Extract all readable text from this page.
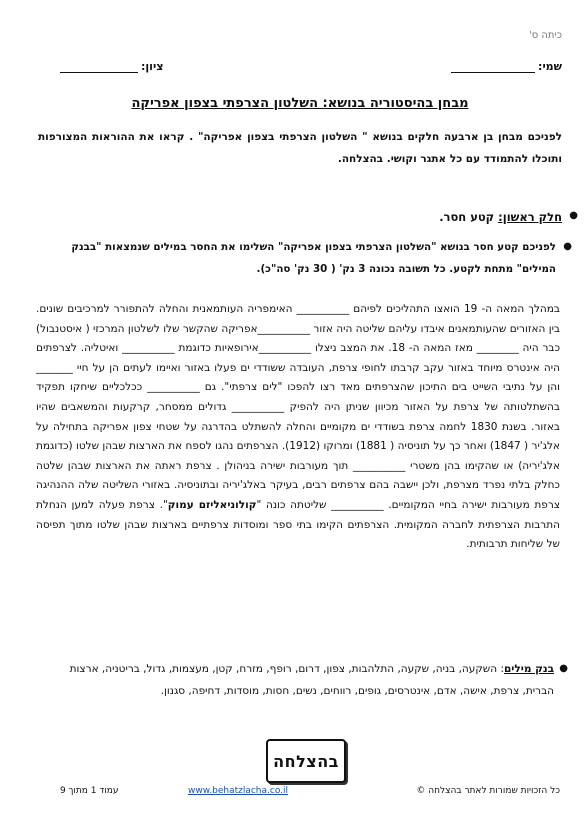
כיתה ס'
שמי:
ציון:
מבחן בהיסטוריה בנושא: השלטון הצרפתי בצפון אפריקה
לפניכם מבחן בן ארבעה חלקים בנושא " השלטון הצרפתי בצפון אפריקה" . קראו את ההוראות המצורפות ותוכלו להתמודד עם כל אתגר וקושי. בהצלחה.
●
חלק ראשון: קטע חסר.
●
לפניכם קטע חסר בנושא "השלטון הצרפתי בצפון אפריקה" השלימו את החסר במילים שנמצאות "בבנק המילים" מתחת לקטע. כל תשובה נכונה 3 נק' ( 30 נק' סה"כ).
במהלך המאה ה- 19 הואצו התהליכים לפיהם __________ האימפריה העותמאנית והחלה להתפורר למרכיבים שונים. בין האזורים שהעותמאנים איבדו עליהם שליטה היה אזור __________אפריקה שהקשר שלו לשלטון המרכזי ( איסטנבול) כבר היה ________ מאז המאה ה- 18. את המצב ניצלו __________אירופאיות כדוגמת __________ ואיטליה. לצרפתים היה אינטרס מיוחד באזור עקב קרבתו לחופי צרפת, העובדה ששודדי ים פעלו באזור ואיימו לעתים הן על חיי _______ והן על נתיבי השייט בים התיכון שהצרפתים מאד רצו להפכו "לים צרפתי". גם __________ ככלכליים שיחקו תפקיד בהשתלטותה של צרפת על האזור מכיוון שניתן היה להפיק __________ גדולים ממסחר, קרקעות והמשאבים שהיו באזור. בשנת 1830 לחמה צרפת בשודדי ים מקומיים והחלה להשתלט בהדרגה על שטחי צפון אפריקה בתחילה על אלג'יר ( 1847) ואחר כך על תוניסיה ( 1881) ומרוקו (1912). הצרפתים נהגו לספח את הארצות שבהן שלטו (כדוגמת אלג'יריה) או שהקימו בהן משטרי __________ תוך מעורבות ישירה בניהולן . צרפת ראתה את הארצות שבהן שלטה כחלק בלתי נפרד מצרפת, ולכן יישבה בהם צרפתים רבים, בעיקר באלג'יריה ובתוניסיה. באזורי השליטה שלה ההנהיגה צרפת מעורבות ישירה בחיי המקומיים. __________ שליטתה כונה "קולוניאליזם עמוק". צרפת פעלה למען הנחלת התרבות הצרפתית לחברה המקומית. הצרפתים הקימו בתי ספר ומוסדות צרפתיים בארצות שבהן שלטו מתוך תפיסה של שליחות תרבותית.
●
בנק מילים: השקעה, בניה, שקעה, התלהבות, צפון, דרום, רופף, מזרח, קטן, מעצמות, גדול, בריטניה, ארצות הברית, צרפת, אישה, אדם, אינטרסים, גופים, רווחים, נשים, חסות, מוסדות, דחיפה, סגנון.
בהצלחה
כל הזכויות שמורות לאתר בהצלחה ©
www.behatzlacha.co.il
עמוד 1 מתוך 9
